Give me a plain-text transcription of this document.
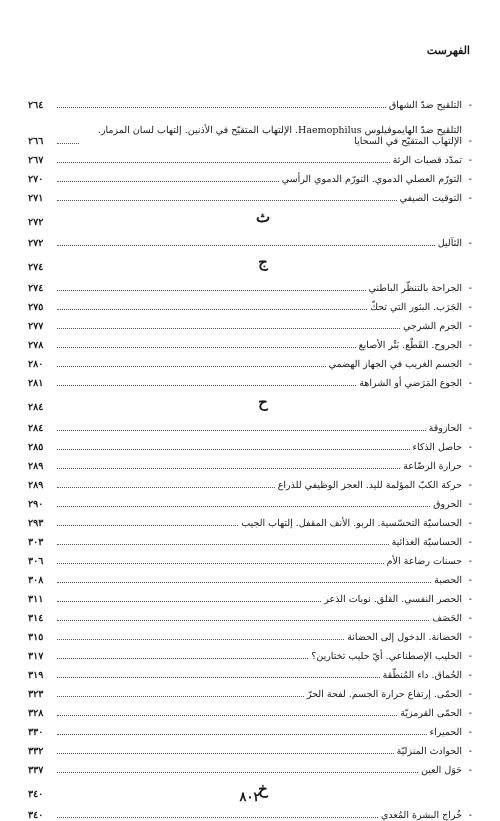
الفهرست
-
التلقيح ضدّ الشهاق
٢٦٤
-
التلقيح ضدّ الهايموفيلوس Haemophilus. الإلتهاب المتقيّح في الأذنين. إلتهاب لسان المزمار. الإلتهاب المتقيّح في السحايا
٢٦٦
-
تمدّد قصبات الرئة
٢٦٧
-
التورّم العصلي الدموي. التورّم الدموي الرأسي
٢٧٠
-
التوقيت الصيفي
٢٧١
ث
٢٧٢
-
الثآليل
٢٧٢
ج
٢٧٤
-
الجراحة بالتنظّر الباطني
٢٧٤
-
الجَرَب. البثور التي تحكّ
٢٧٥
-
الجرم الشرجي
٢٧٧
-
الجروح. القَطْع. بَتْر الأصابع
٢٧٨
-
الجسم الغريب في الجهاز الهضمي
٢٨٠
-
الجوع المَرَضي أو الشراهة
٢٨١
ح
٢٨٤
-
الحازوقة
٢٨٤
-
حاصل الذكاء
٢٨٥
-
حرارة الرضّاعة
٢٨٩
-
حركة الكبّ المؤلمة لليد. العجز الوظيفي للذراع
٢٨٩
-
الحروق
٢٩٠
-
الحساسيّة التحسّسية. الربو. الأنف المقفل. إلتهاب الجيب
٢٩٣
-
الحساسيّة الغذائية
٣٠٣
-
حسنات رضاعة الأم
٣٠٦
-
الحصبة
٣٠٨
-
الحصر النفسي. القلق. نوبات الذعر
٣١١
-
الحَصَف
٣١٤
-
الحضانة. الدخول إلى الحضانة
٣١٥
-
الحليب الإصطناعي. أيّ حليب تختارين؟
٣١٧
-
الحُماق. داء المُنطّقة
٣١٩
-
الحمّى. إرتفاع حرارة الجسم. لفحة الحرّ
٣٢٣
-
الحمّى القرمزيّة
٣٢٨
-
الحميراء
٣٣٠
-
الحوادث المنزليّة
٣٣٢
-
حَوَل العين
٣٣٧
خ
٣٤٠
-
خُراج البشرة المُعدي
٣٤٠
٨٠٢
